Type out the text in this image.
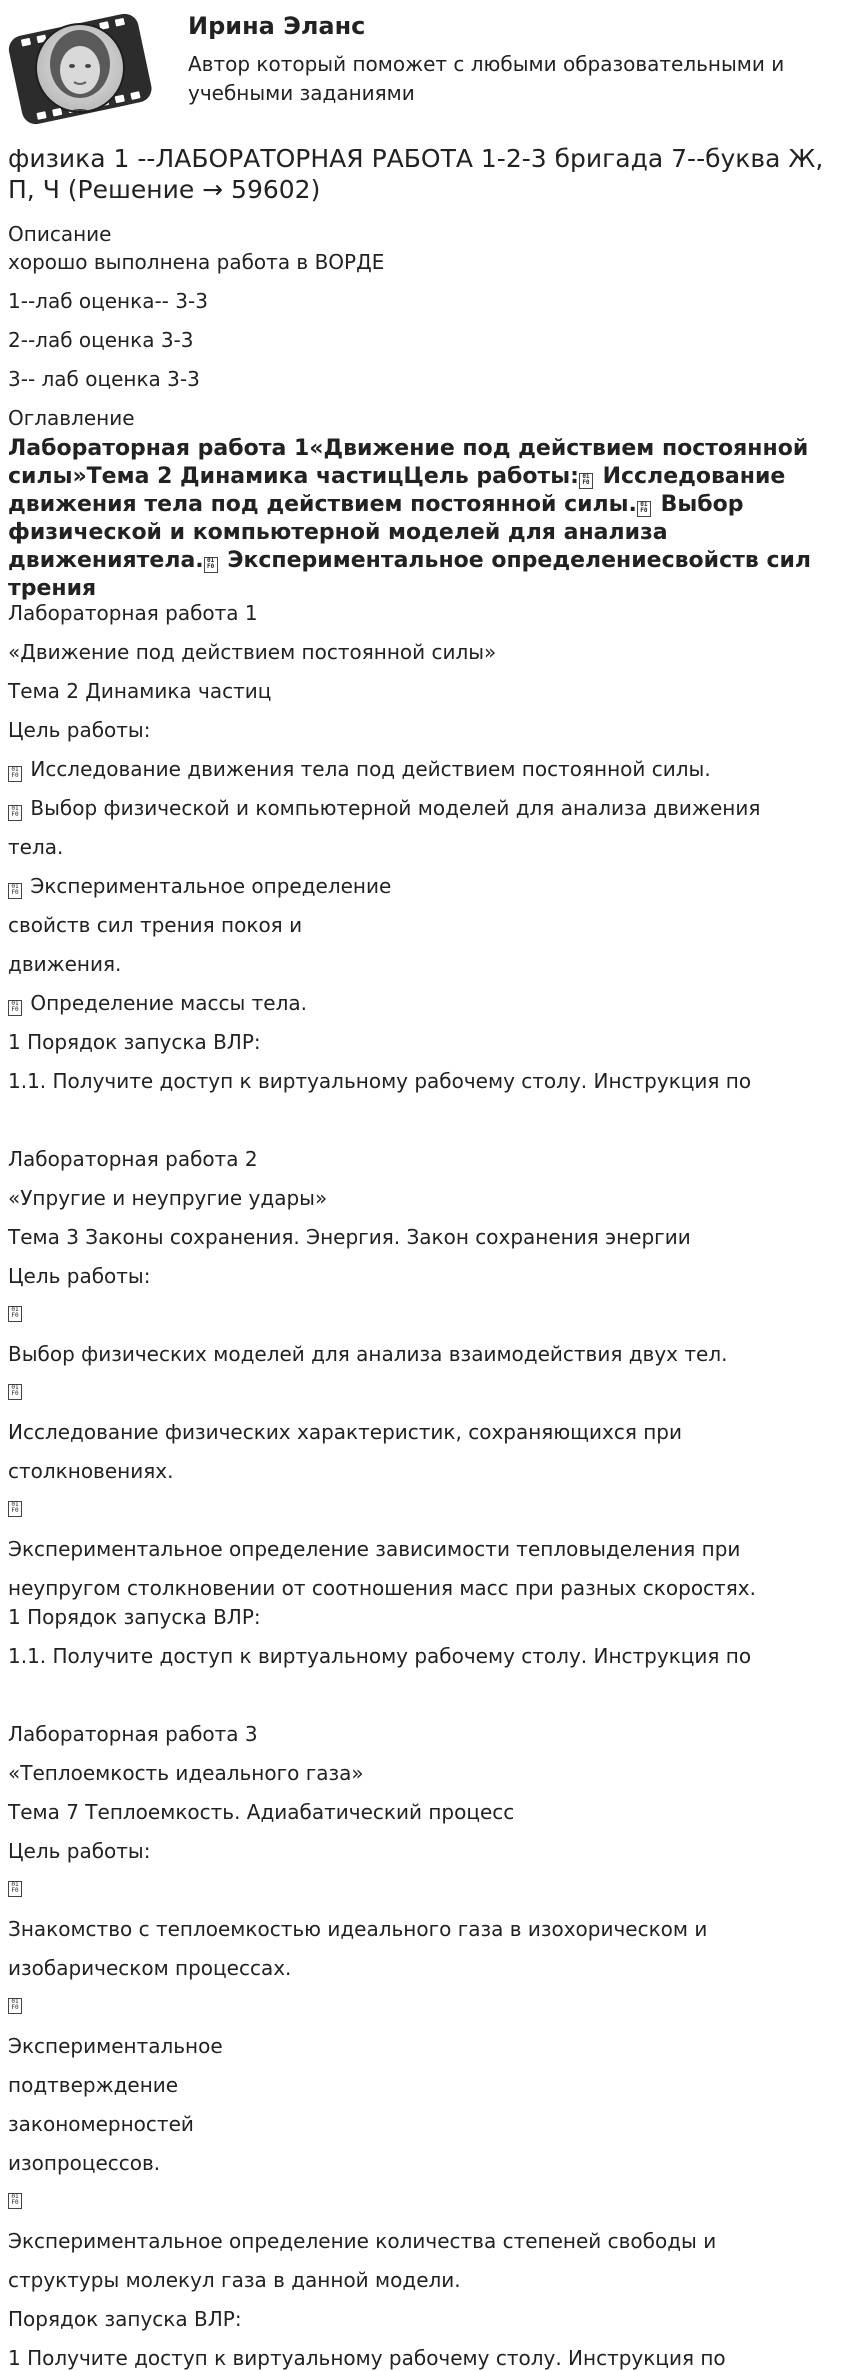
Ирина Эланс
Автор который поможет с любыми образовательными и
учебными заданиями
физика 1 --ЛАБОРАТОРНАЯ РАБОТА 1-2-3 бригада 7--буква Ж, П, Ч (Решение → 59602)
Описание
хорошо выполнена работа в ВОРДЕ
1--лаб оценка-- 3-3
2--лаб оценка 3-3
3-- лаб оценка 3-3
Оглавление
Лабораторная работа 1«Движение под действием постоянной силы»Тема 2 Динамика частицЦель работы:01 F0 Исследование движения тела под действием постоянной силы.01 F0 Выбор физической и компьютерной моделей для анализа движениятела.01 F0 Экспериментальное определениесвойств сил трения
Лабораторная работа 1
«Движение под действием постоянной силы»
Тема 2 Динамика частиц
Цель работы:
01 F0 Исследование движения тела под действием постоянной силы.
01 F0 Выбор физической и компьютерной моделей для анализа движения
тела.
01 F0 Экспериментальное определение
свойств сил трения покоя и
движения.
01 F0 Определение массы тела.
1 Порядок запуска ВЛР:
1.1. Получите доступ к виртуальному рабочему столу. Инструкция по
Лабораторная работа 2
«Упругие и неупругие удары»
Тема 3 Законы сохранения. Энергия. Закон сохранения энергии
Цель работы:
01 F0
Выбор физических моделей для анализа взаимодействия двух тел.
01 F0
Исследование физических характеристик, сохраняющихся при
столкновениях.
01 F0
Экспериментальное определение зависимости тепловыделения при
неупругом столкновении от соотношения масс при разных скоростях.
1 Порядок запуска ВЛР:
1.1. Получите доступ к виртуальному рабочему столу. Инструкция по
Лабораторная работа 3
«Теплоемкость идеального газа»
Тема 7 Теплоемкость. Адиабатический процесс
Цель работы:
01 F0
Знакомство с теплоемкостью идеального газа в изохорическом и
изобарическом процессах.
01 F0
Экспериментальное
подтверждение
закономерностей
изопроцессов.
01 F0
Экспериментальное определение количества степеней свободы и
структуры молекул газа в данной модели.
Порядок запуска ВЛР:
1 Получите доступ к виртуальному рабочему столу. Инструкция по
